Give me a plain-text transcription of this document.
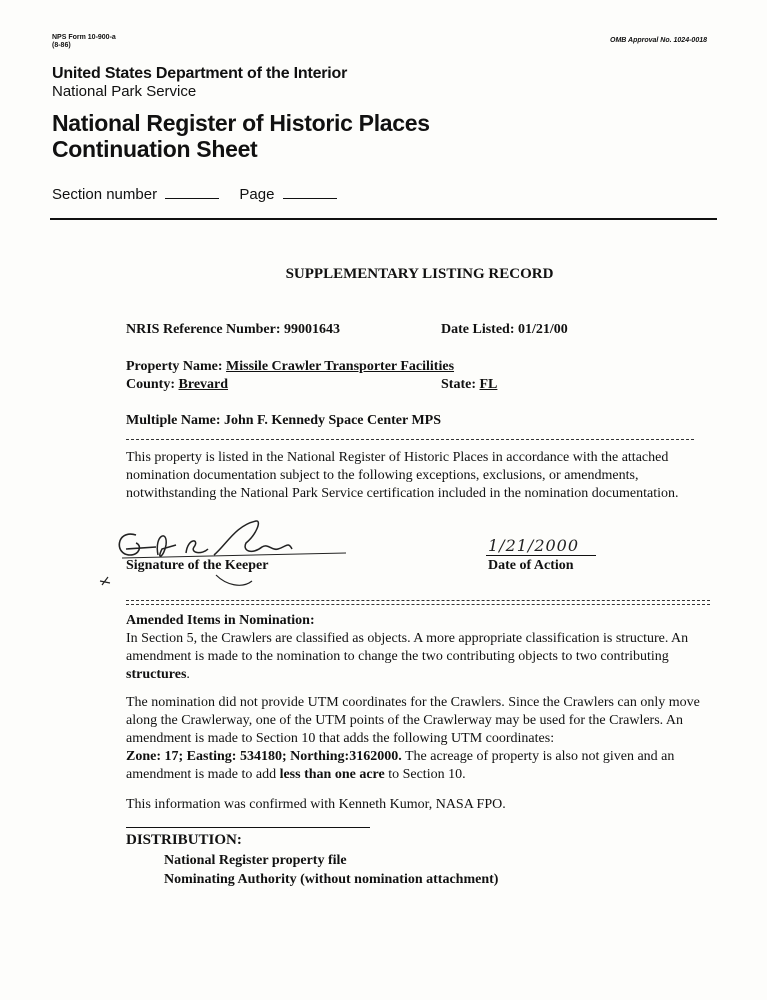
NPS Form 10-900-a
(8-86)
OMB Approval No. 1024-0018
United States Department of the Interior
National Park Service
National Register of Historic Places
Continuation Sheet
Section number	Page
SUPPLEMENTARY LISTING RECORD
NRIS Reference Number: 99001643	Date Listed: 01/21/00
Property Name: Missile Crawler Transporter Facilities
County: Brevard	State: FL
Multiple Name: John F. Kennedy Space Center MPS

This property is listed in the National Register of Historic Places in accordance with the attached nomination documentation subject to the following exceptions, exclusions, or amendments, notwithstanding the National Park Service certification included in the nomination documentation.

Signature of the Keeper
1/21/2000
Date of Action
Amended Items in Nomination:

In Section 5, the Crawlers are classified as objects. A more appropriate classification is structure. An amendment is made to the nomination to change the two contributing objects to two contributing structures.

The nomination did not provide UTM coordinates for the Crawlers. Since the Crawlers can only move along the Crawlerway, one of the UTM points of the Crawlerway may be used for the Crawlers. An amendment is made to Section 10 that adds the following UTM coordinates:
Zone: 17; Easting: 534180; Northing:3162000. The acreage of property is also not given and an amendment is made to add less than one acre to Section 10.

This information was confirmed with Kenneth Kumor, NASA FPO.

DISTRIBUTION:
National Register property file
Nominating Authority (without nomination attachment)
